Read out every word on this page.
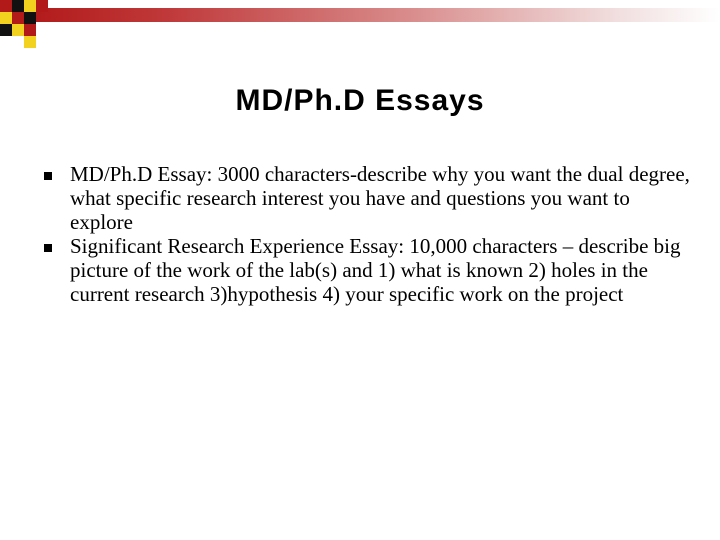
MD/Ph.D Essays
MD/Ph.D Essay: 3000 characters-describe why you want the dual degree, what specific research interest you have and questions you want to explore
Significant Research Experience Essay: 10,000 characters – describe big picture of the work of the lab(s) and 1) what is known 2) holes in the current research 3)hypothesis 4) your specific work on the project
